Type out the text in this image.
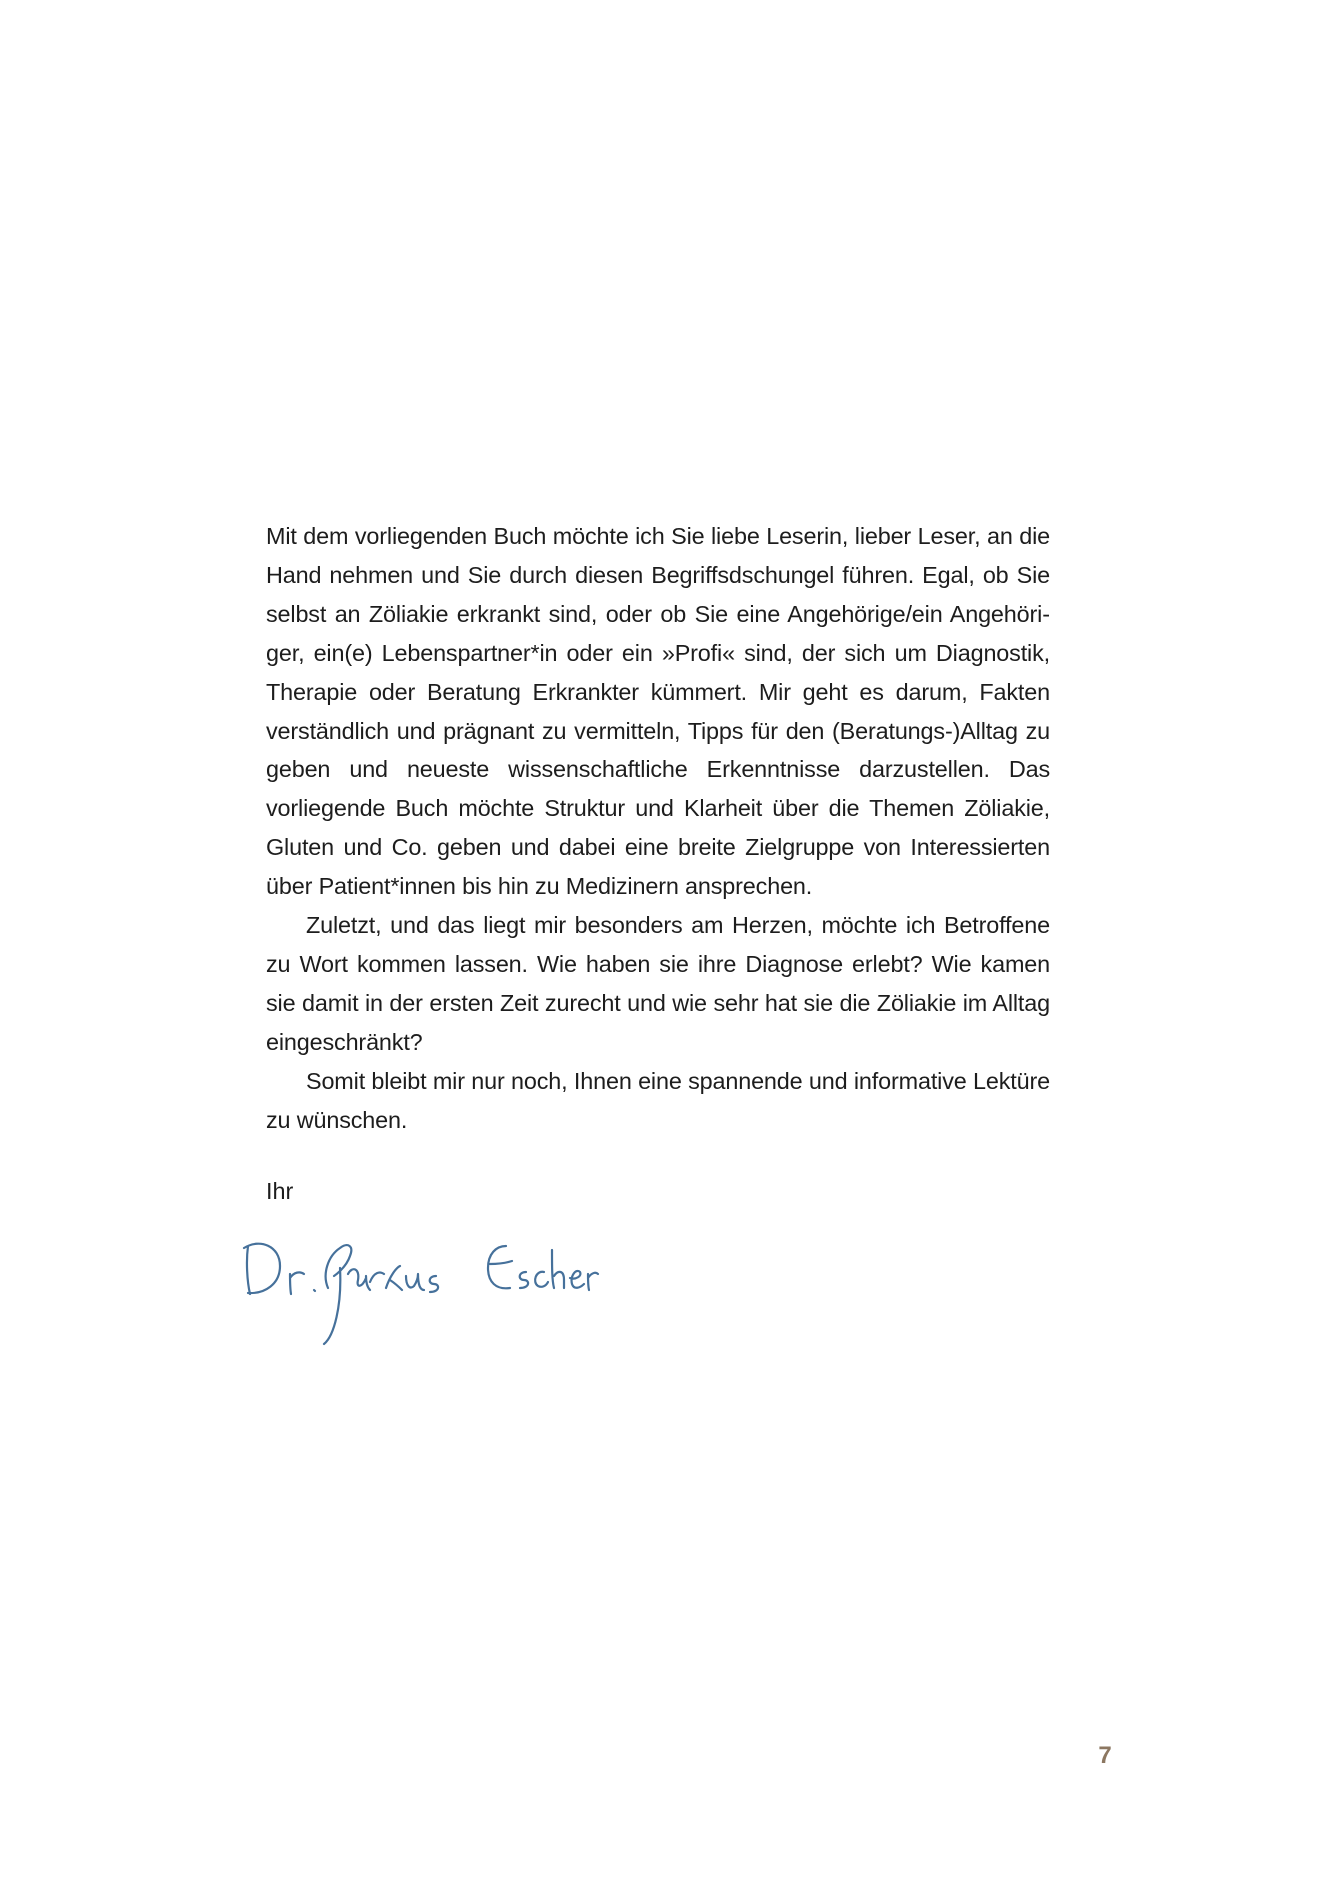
Mit dem vorliegenden Buch möchte ich Sie liebe Leserin, lieber Leser, an die Hand nehmen und Sie durch diesen Begriffsdschungel führen. Egal, ob Sie selbst an Zöliakie erkrankt sind, oder ob Sie eine Angehörige/ein Angehöriger, ein(e) Lebenspartner*in oder ein »Profi« sind, der sich um Diagnostik, Therapie oder Beratung Erkrankter kümmert. Mir geht es darum, Fakten verständlich und prägnant zu vermitteln, Tipps für den (Beratungs-)Alltag zu geben und neueste wissenschaftliche Erkenntnisse darzustellen. Das vorliegende Buch möchte Struktur und Klarheit über die Themen Zöliakie, Gluten und Co. geben und dabei eine breite Zielgruppe von Interessierten über Patient*innen bis hin zu Medizinern ansprechen.

Zuletzt, und das liegt mir besonders am Herzen, möchte ich Betroffene zu Wort kommen lassen. Wie haben sie ihre Diagnose erlebt? Wie kamen sie damit in der ersten Zeit zurecht und wie sehr hat sie die Zöliakie im Alltag eingeschränkt?

Somit bleibt mir nur noch, Ihnen eine spannende und informative Lektüre zu wünschen.

Ihr
7
